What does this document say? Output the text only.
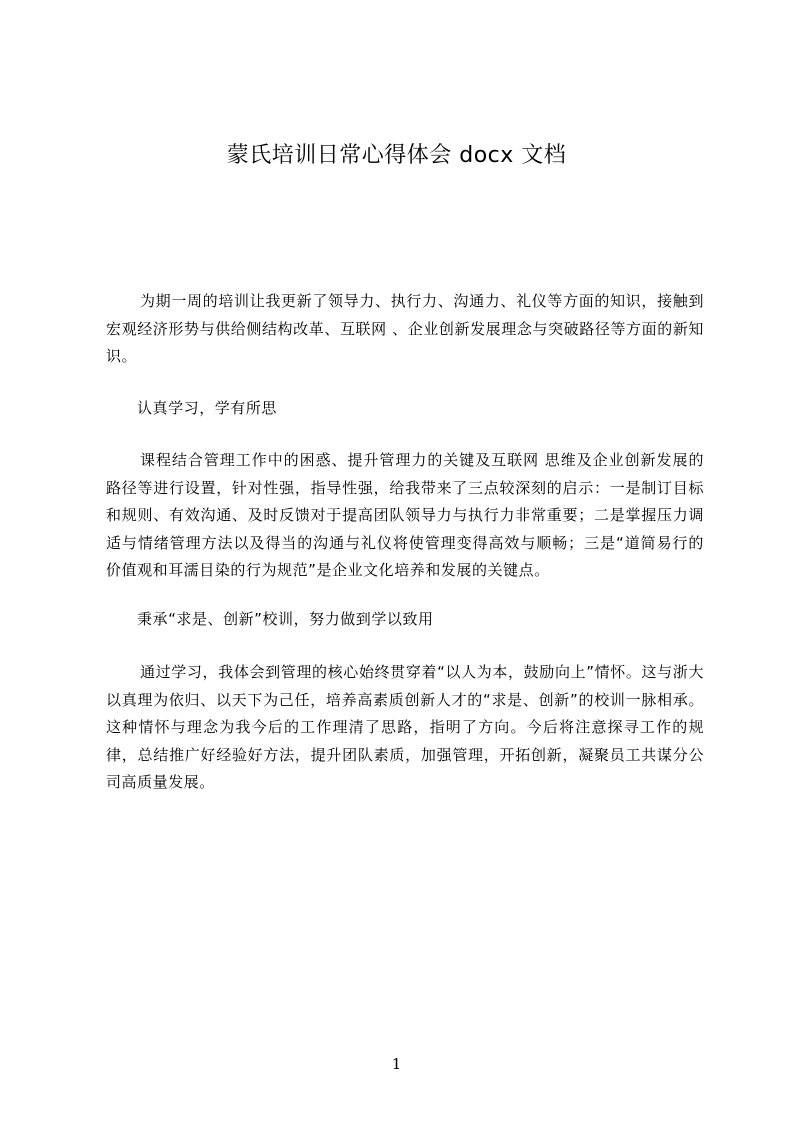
蒙氏培训日常心得体会 docx 文档
为期一周的培训让我更新了领导力、执行力、沟通力、礼仪等方面的知识，接触到宏观经济形势与供给侧结构改革、互联网 、企业创新发展理念与突破路径等方面的新知识。
认真学习，学有所思
课程结合管理工作中的困惑、提升管理力的关键及互联网 思维及企业创新发展的路径等进行设置，针对性强，指导性强，给我带来了三点较深刻的启示：一是制订目标和规则、有效沟通、及时反馈对于提高团队领导力与执行力非常重要；二是掌握压力调适与情绪管理方法以及得当的沟通与礼仪将使管理变得高效与顺畅；三是“道简易行的价值观和耳濡目染的行为规范”是企业文化培养和发展的关键点。
秉承“求是、创新”校训，努力做到学以致用
通过学习，我体会到管理的核心始终贯穿着“以人为本，鼓励向上”情怀。这与浙大以真理为依归、以天下为己任，培养高素质创新人才的“求是、创新”的校训一脉相承。这种情怀与理念为我今后的工作理清了思路，指明了方向。今后将注意探寻工作的规律，总结推广好经验好方法，提升团队素质，加强管理，开拓创新，凝聚员工共谋分公司高质量发展。
1
